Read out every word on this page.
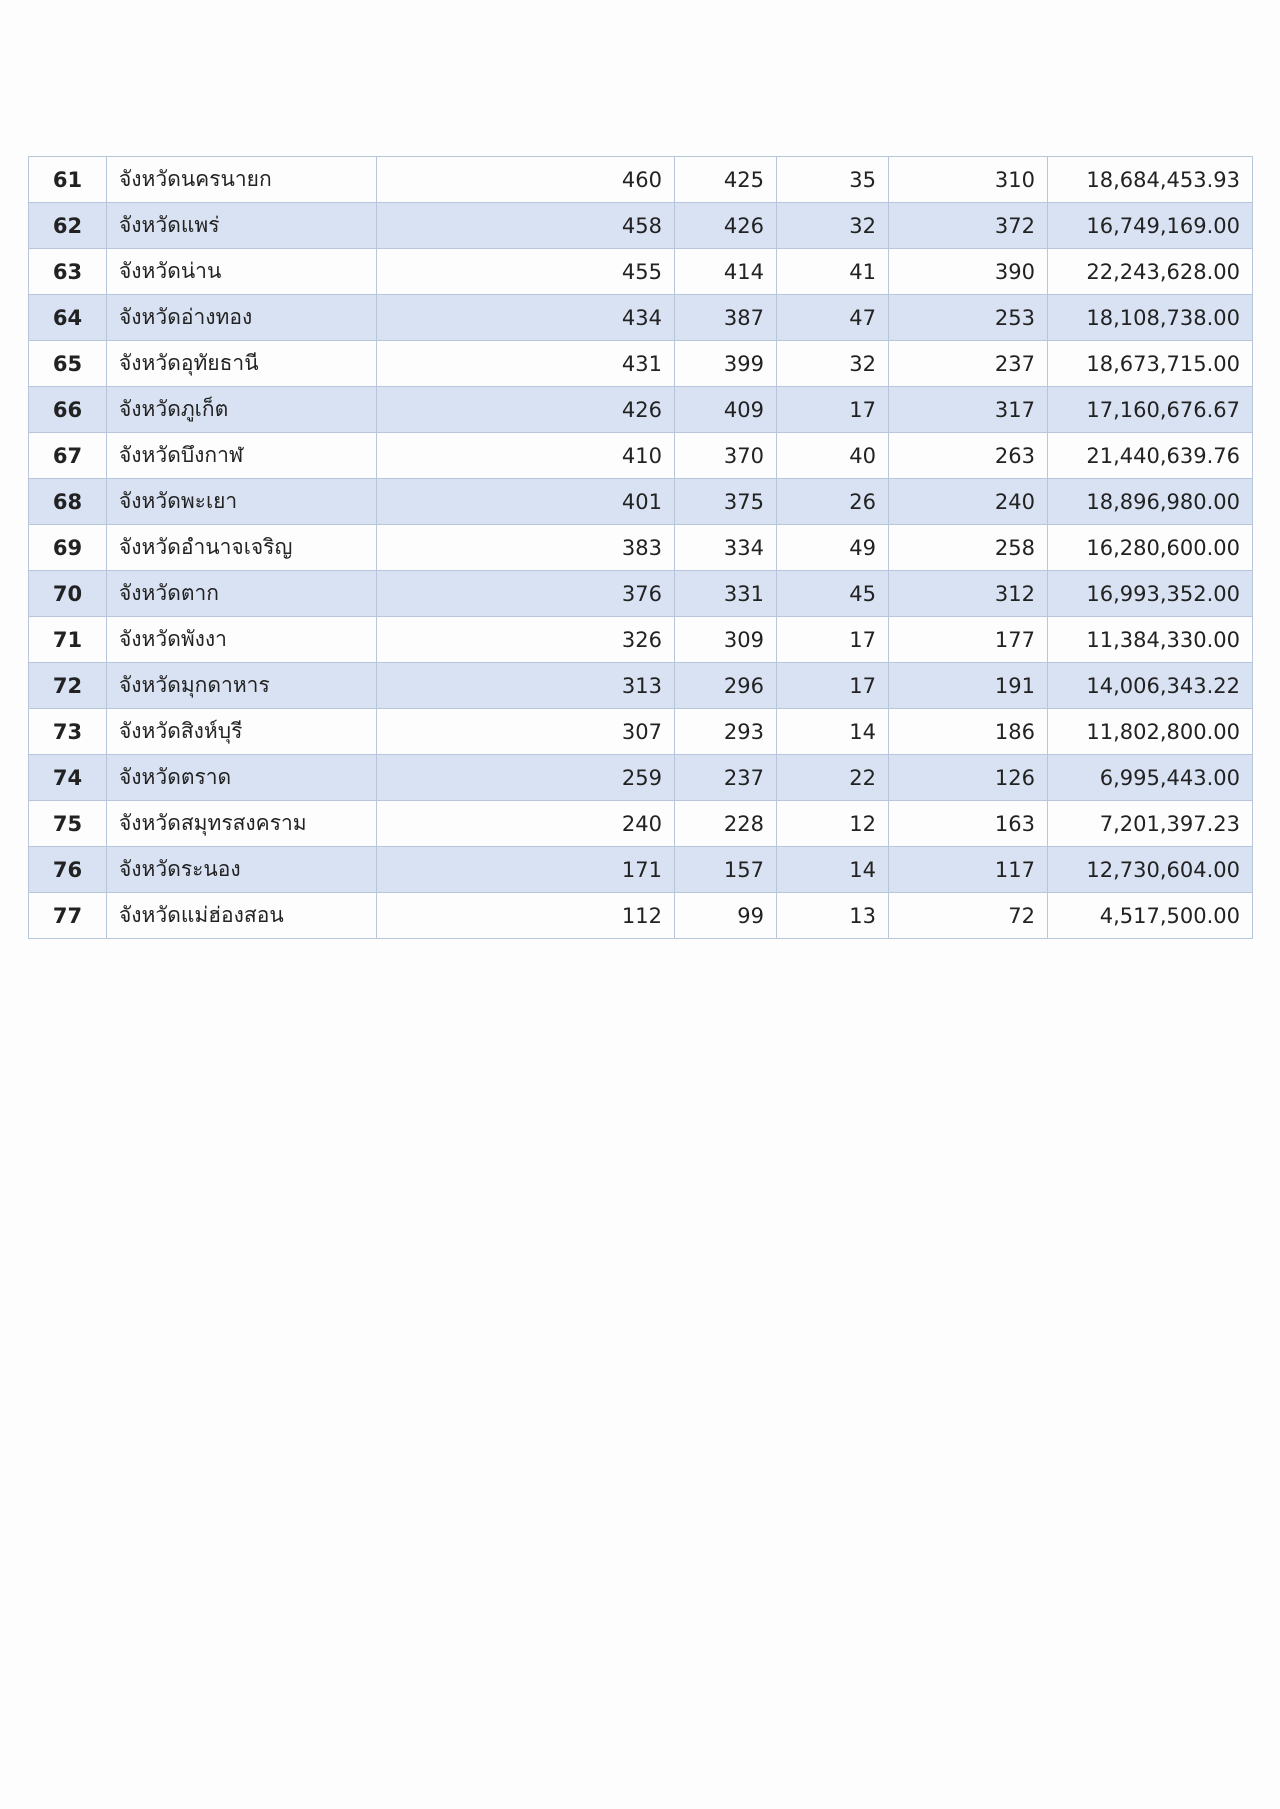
61	จังหวัดนครนายก	460	425	35	310	18,684,453.93
62	จังหวัดแพร่	458	426	32	372	16,749,169.00
63	จังหวัดน่าน	455	414	41	390	22,243,628.00
64	จังหวัดอ่างทอง	434	387	47	253	18,108,738.00
65	จังหวัดอุทัยธานี	431	399	32	237	18,673,715.00
66	จังหวัดภูเก็ต	426	409	17	317	17,160,676.67
67	จังหวัดบึงกาฬ	410	370	40	263	21,440,639.76
68	จังหวัดพะเยา	401	375	26	240	18,896,980.00
69	จังหวัดอำนาจเจริญ	383	334	49	258	16,280,600.00
70	จังหวัดตาก	376	331	45	312	16,993,352.00
71	จังหวัดพังงา	326	309	17	177	11,384,330.00
72	จังหวัดมุกดาหาร	313	296	17	191	14,006,343.22
73	จังหวัดสิงห์บุรี	307	293	14	186	11,802,800.00
74	จังหวัดตราด	259	237	22	126	6,995,443.00
75	จังหวัดสมุทรสงคราม	240	228	12	163	7,201,397.23
76	จังหวัดระนอง	171	157	14	117	12,730,604.00
77	จังหวัดแม่ฮ่องสอน	112	99	13	72	4,517,500.00
